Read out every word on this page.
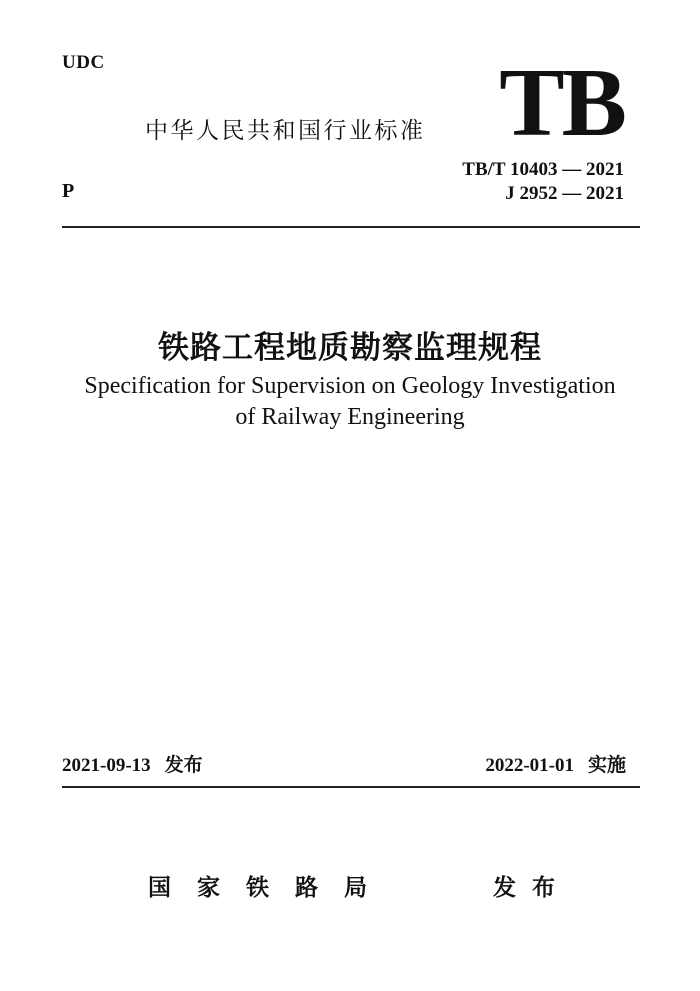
UDC
中华人民共和国行业标准 TB
P
TB/T 10403 — 2021
J 2952 — 2021
铁路工程地质勘察监理规程
Specification for Supervision on Geology Investigation
of Railway Engineering
2021-09-13 发布	2022-01-01 实施
国家铁路局	发布
